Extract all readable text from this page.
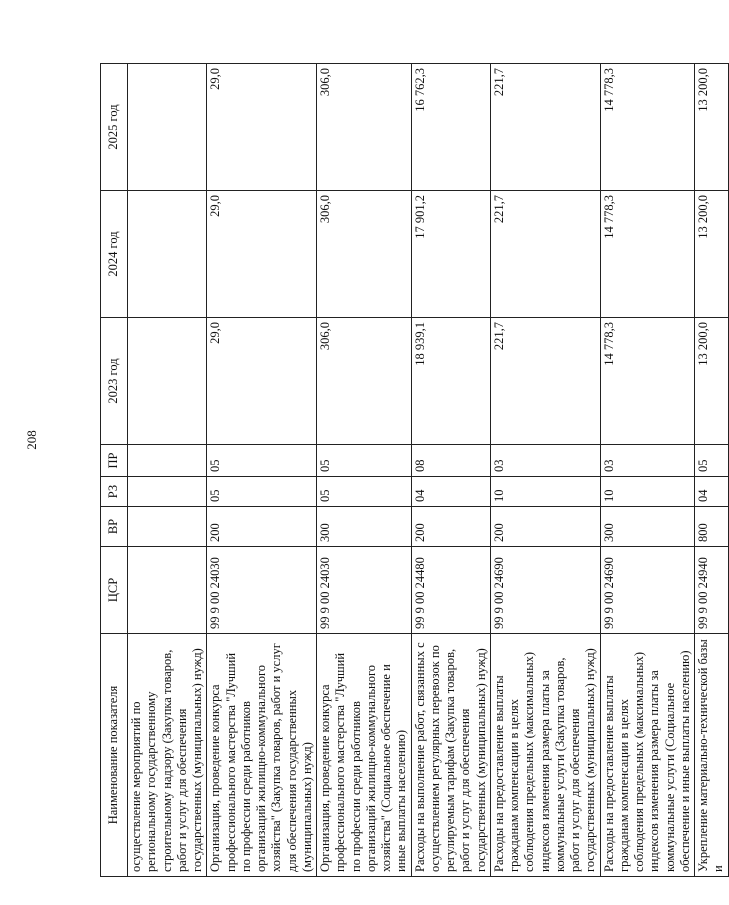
208
Наименование показателя	ЦСР	ВР	РЗ	ПР	2023 год	2024 год	2025 год
осуществление мероприятий по региональному государственному строительному надзору (Закупка товаров, работ и услуг для обеспечения государственных (муниципальных) нужд)							
Организация, проведение конкурса профессионального мастерства "Лучший по профессии среди работников организаций жилищно-коммунального хозяйства" (Закупка товаров, работ и услуг для обеспечения государственных (муниципальных) нужд)	99 9 00 24030	200	05	05	29,0	29,0	29,0
Организация, проведение конкурса профессионального мастерства "Лучший по профессии среди работников организаций жилищно-коммунального хозяйства" (Социальное обеспечение и иные выплаты населению)	99 9 00 24030	300	05	05	306,0	306,0	306,0
Расходы на выполнение работ, связанных с осуществлением регулярных перевозок по регулируемым тарифам (Закупка товаров, работ и услуг для обеспечения государственных (муниципальных) нужд)	99 9 00 24480	200	04	08	18 939,1	17 901,2	16 762,3
Расходы на предоставление выплаты гражданам компенсации в целях соблюдения предельных (максимальных) индексов изменения размера платы за коммунальные услуги (Закупка товаров, работ и услуг для обеспечения государственных (муниципальных) нужд)	99 9 00 24690	200	10	03	221,7	221,7	221,7
Расходы на предоставление выплаты гражданам компенсации в целях соблюдения предельных (максимальных) индексов изменения размера платы за коммунальные услуги (Социальное обеспечение и иные выплаты населению)	99 9 00 24690	300	10	03	14 778,3	14 778,3	14 778,3
Укрепление материально-технической базы и	99 9 00 24940	800	04	05	13 200,0	13 200,0	13 200,0
